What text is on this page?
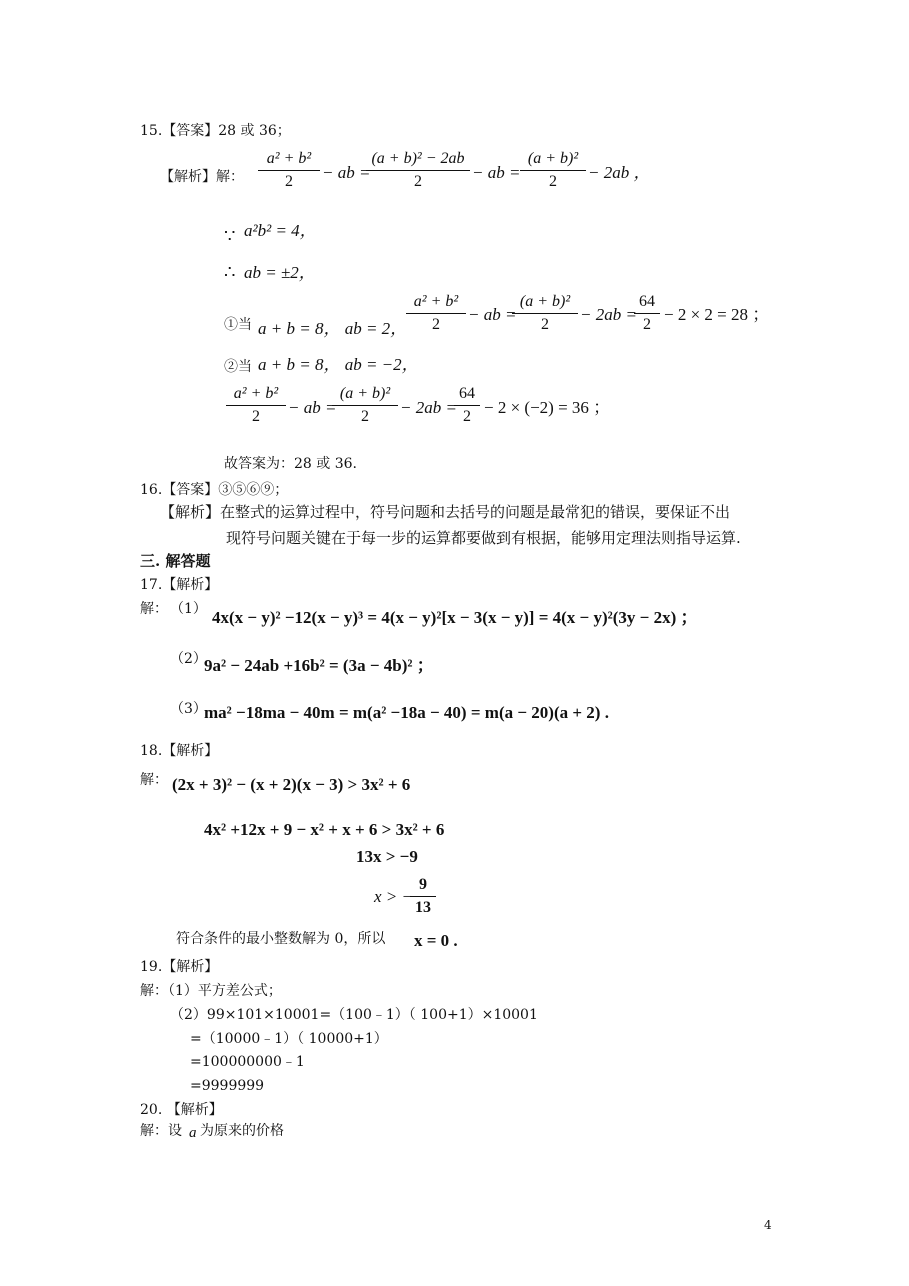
15.【答案】28 或 36；
【解析】解：
a² + b²
2	− ab =
(a + b)² − 2ab
2	− ab =
(a + b)²
2	− 2ab ，
∵ a²b² = 4，
∴ ab = ±2，
①当 a + b = 8， ab = 2，
a² + b²
2
− ab =
(a + b)²
2
− 2ab =
64
2
− 2 × 2 = 28 ；
②当 a + b = 8， ab = −2，
a² + b²
2	− ab =
(a + b)²
2	− 2ab =
64
2 − 2 × (−2) = 36 ；
故答案为：28 或 36.
16.【答案】③⑤⑥⑨；
【解析】在整式的运算过程中，符号问题和去括号的问题是最常犯的错误，要保证不出
现符号问题关键在于每一步的运算都要做到有根据，能够用定理法则指导运算.
三. 解答题
17.【解析】
解： （1） 4x(x − y)² −12(x − y)³ = 4(x − y)²[x − 3(x − y)] = 4(x − y)²(3y − 2x) ；
（2）
9a² − 24ab +16b² = (3a − 4b)² ；
（3）
ma² −18ma − 40m = m(a² −18a − 40) = m(a − 20)(a + 2) .
18.【解析】
解： (2x + 3)² − (x + 2)(x − 3) > 3x² + 6
4x² +12x + 9 − x² + x + 6 > 3x² + 6
13x > −9
x > −
9
13
符合条件的最小整数解为 0，所以 x = 0 .
19.【解析】
解：（1）平方差公式；
（2）99×101×10001=（100﹣1）（ 100+1）×10001
=（10000﹣1）（ 10000+1）
=100000000﹣1
=9999999
20. 【解析】
解：设 a 为原来的价格
4
